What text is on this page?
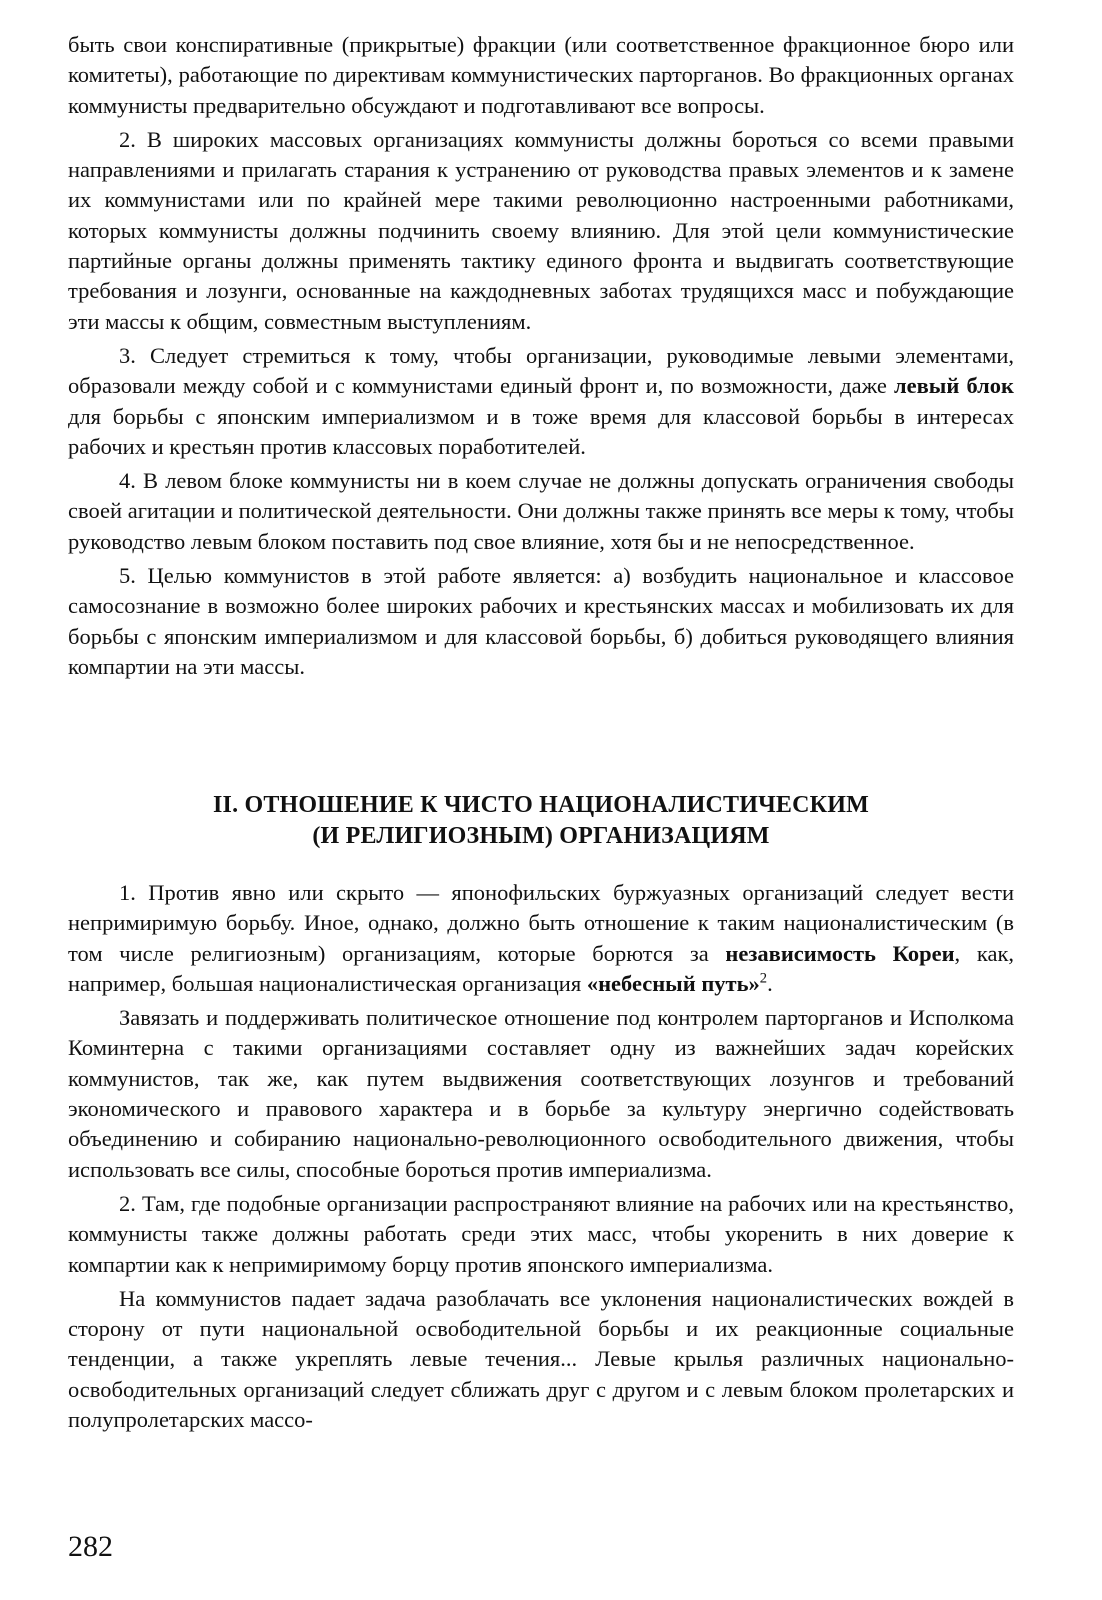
быть свои конспиративные (прикрытые) фракции (или соответственное фракционное бюро или комитеты), работающие по директивам коммунистических парторганов. Во фракционных органах коммунисты предварительно обсуждают и подготавливают все вопросы.

2. В широких массовых организациях коммунисты должны бороться со всеми правыми направлениями и прилагать старания к устранению от руководства правых элементов и к замене их коммунистами или по крайней мере такими революционно настроенными работниками, которых коммунисты должны подчинить своему влиянию. Для этой цели коммунистические партийные органы должны применять тактику единого фронта и выдвигать соответствующие требования и лозунги, основанные на каждодневных заботах трудящихся масс и побуждающие эти массы к общим, совместным выступлениям.

3. Следует стремиться к тому, чтобы организации, руководимые левыми элементами, образовали между собой и с коммунистами единый фронт и, по возможности, даже левый блок для борьбы с японским империализмом и в тоже время для классовой борьбы в интересах рабочих и крестьян против классовых поработителей.

4. В левом блоке коммунисты ни в коем случае не должны допускать ограничения свободы своей агитации и политической деятельности. Они должны также принять все меры к тому, чтобы руководство левым блоком поставить под свое влияние, хотя бы и не непосредственное.

5. Целью коммунистов в этой работе является: а) возбудить национальное и классовое самосознание в возможно более широких рабочих и крестьянских массах и мобилизовать их для борьбы с японским империализмом и для классовой борьбы, б) добиться руководящего влияния компартии на эти массы.

II. ОТНОШЕНИЕ К ЧИСТО НАЦИОНАЛИСТИЧЕСКИМ
(И РЕЛИГИОЗНЫМ) ОРГАНИЗАЦИЯМ

1. Против явно или скрыто — японофильских буржуазных организаций следует вести непримиримую борьбу. Иное, однако, должно быть отношение к таким националистическим (в том числе религиозным) организациям, которые борются за независимость Кореи, как, например, большая националистическая организация «небесный путь»$^2$.

Завязать и поддерживать политическое отношение под контролем парторганов и Исполкома Коминтерна с такими организациями составляет одну из важнейших задач корейских коммунистов, так же, как путем выдвижения соответствующих лозунгов и требований экономического и правового характера и в борьбе за культуру энергично содействовать объединению и собиранию национально-революционного освободительного движения, чтобы использовать все силы, способные бороться против империализма.

2. Там, где подобные организации распространяют влияние на рабочих или на крестьянство, коммунисты также должны работать среди этих масс, чтобы укоренить в них доверие к компартии как к непримиримому борцу против японского империализма.

На коммунистов падает задача разоблачать все уклонения националистических вождей в сторону от пути национальной освободительной борьбы и их реакционные социальные тенденции, а также укреплять левые течения... Левые крылья различных национально-освободительных организаций следует сближать друг с другом и с левым блоком пролетарских и полупролетарских массо-

282
